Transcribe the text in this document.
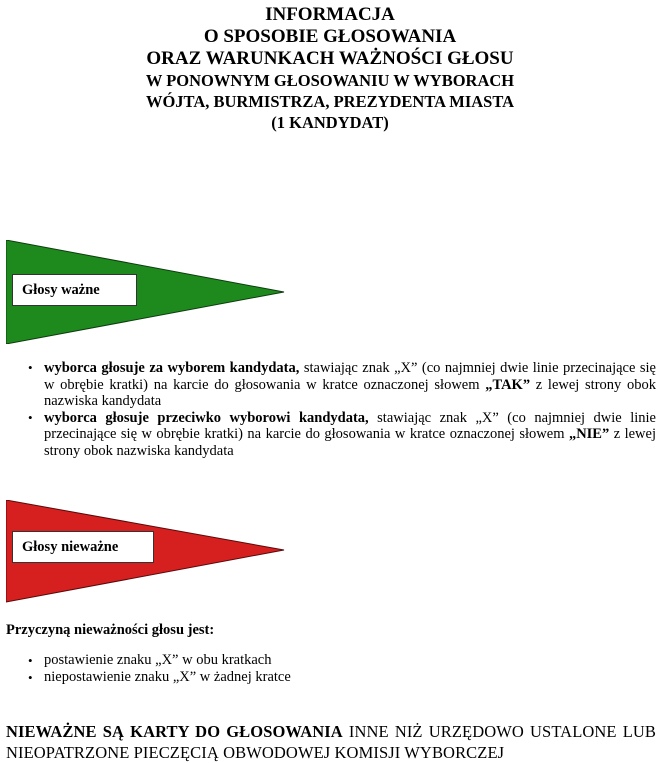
INFORMACJA
O SPOSOBIE GŁOSOWANIA
ORAZ WARUNKACH WAŻNOŚCI GŁOSU
W PONOWNYM GŁOSOWANIU W WYBORACH
WÓJTA, BURMISTRZA, PREZYDENTA MIASTA
(1 KANDYDAT)
Głosy ważne
• wyborca głosuje za wyborem kandydata, stawiając znak „X” (co najmniej dwie linie przecinające się w obrębie kratki) na karcie do głosowania w kratce oznaczonej słowem „TAK” z lewej strony obok nazwiska kandydata
• wyborca głosuje przeciwko wyborowi kandydata, stawiając znak „X” (co najmniej dwie linie przecinające się w obrębie kratki) na karcie do głosowania w kratce oznaczonej słowem „NIE” z lewej strony obok nazwiska kandydata
Głosy nieważne

Przyczyną nieważności głosu jest:

• postawienie znaku „X” w obu kratkach
• niepostawienie znaku „X” w żadnej kratce

NIEWAŻNE SĄ KARTY DO GŁOSOWANIA INNE NIŻ URZĘDOWO USTALONE LUB NIEOPATRZONE PIECZĘCIĄ OBWODOWEJ KOMISJI WYBORCZEJ
